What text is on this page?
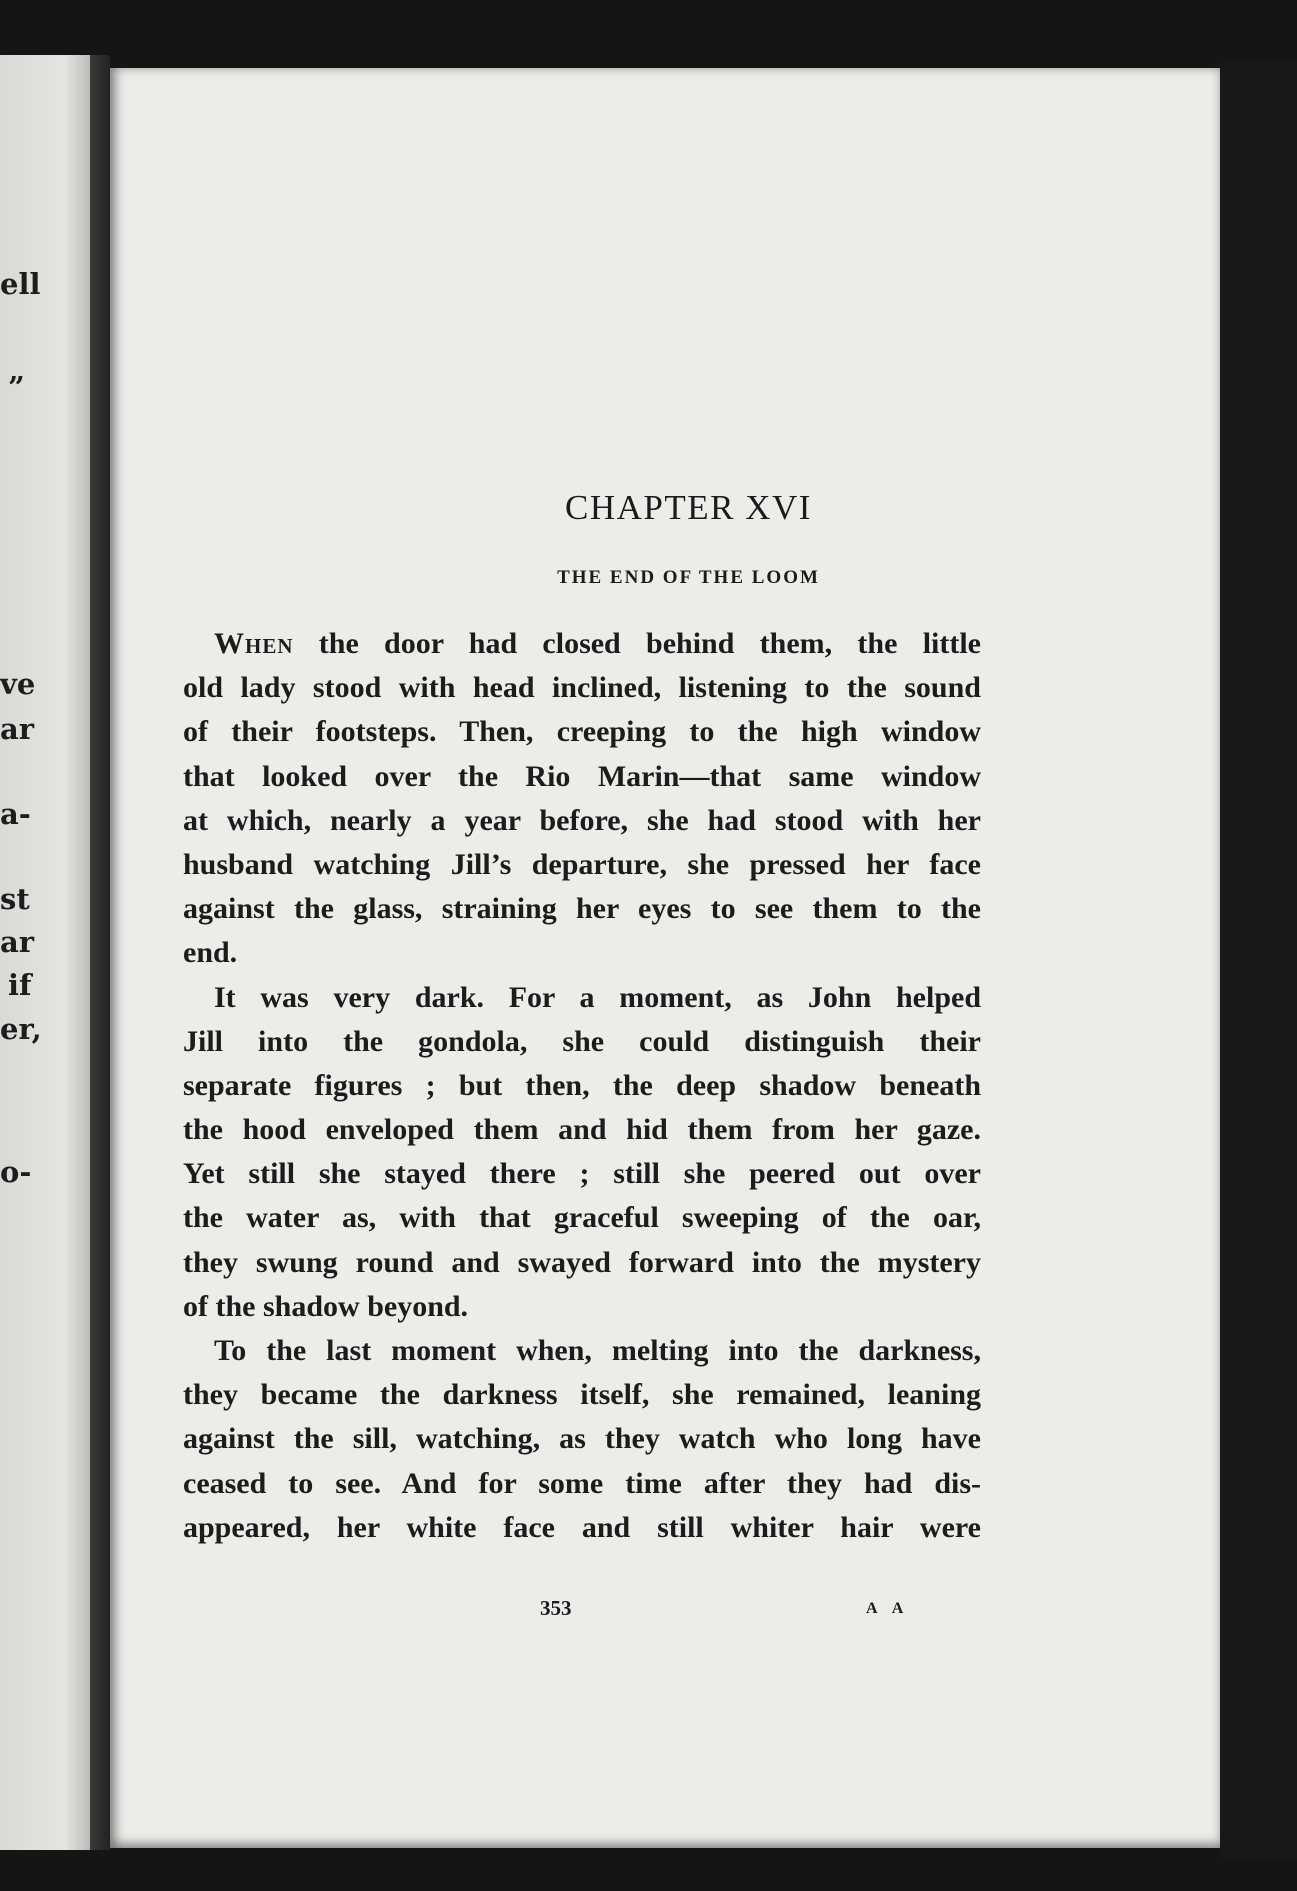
ell
”
ve
ar
a-
st
ar
if
er,
o-
CHAPTER XVI
THE END OF THE LOOM
When the door had closed behind them, the little
old lady stood with head inclined, listening to the sound
of their footsteps. Then, creeping to the high window
that looked over the Rio Marin—that same window
at which, nearly a year before, she had stood with her
husband watching Jill’s departure, she pressed her face
against the glass, straining her eyes to see them to the
end.
It was very dark. For a moment, as John helped
Jill into the gondola, she could distinguish their
separate figures ; but then, the deep shadow beneath
the hood enveloped them and hid them from her gaze.
Yet still she stayed there ; still she peered out over
the water as, with that graceful sweeping of the oar,
they swung round and swayed forward into the mystery
of the shadow beyond.
To the last moment when, melting into the darkness,
they became the darkness itself, she remained, leaning
against the sill, watching, as they watch who long have
ceased to see. And for some time after they had dis-
appeared, her white face and still whiter hair were
353	A A
